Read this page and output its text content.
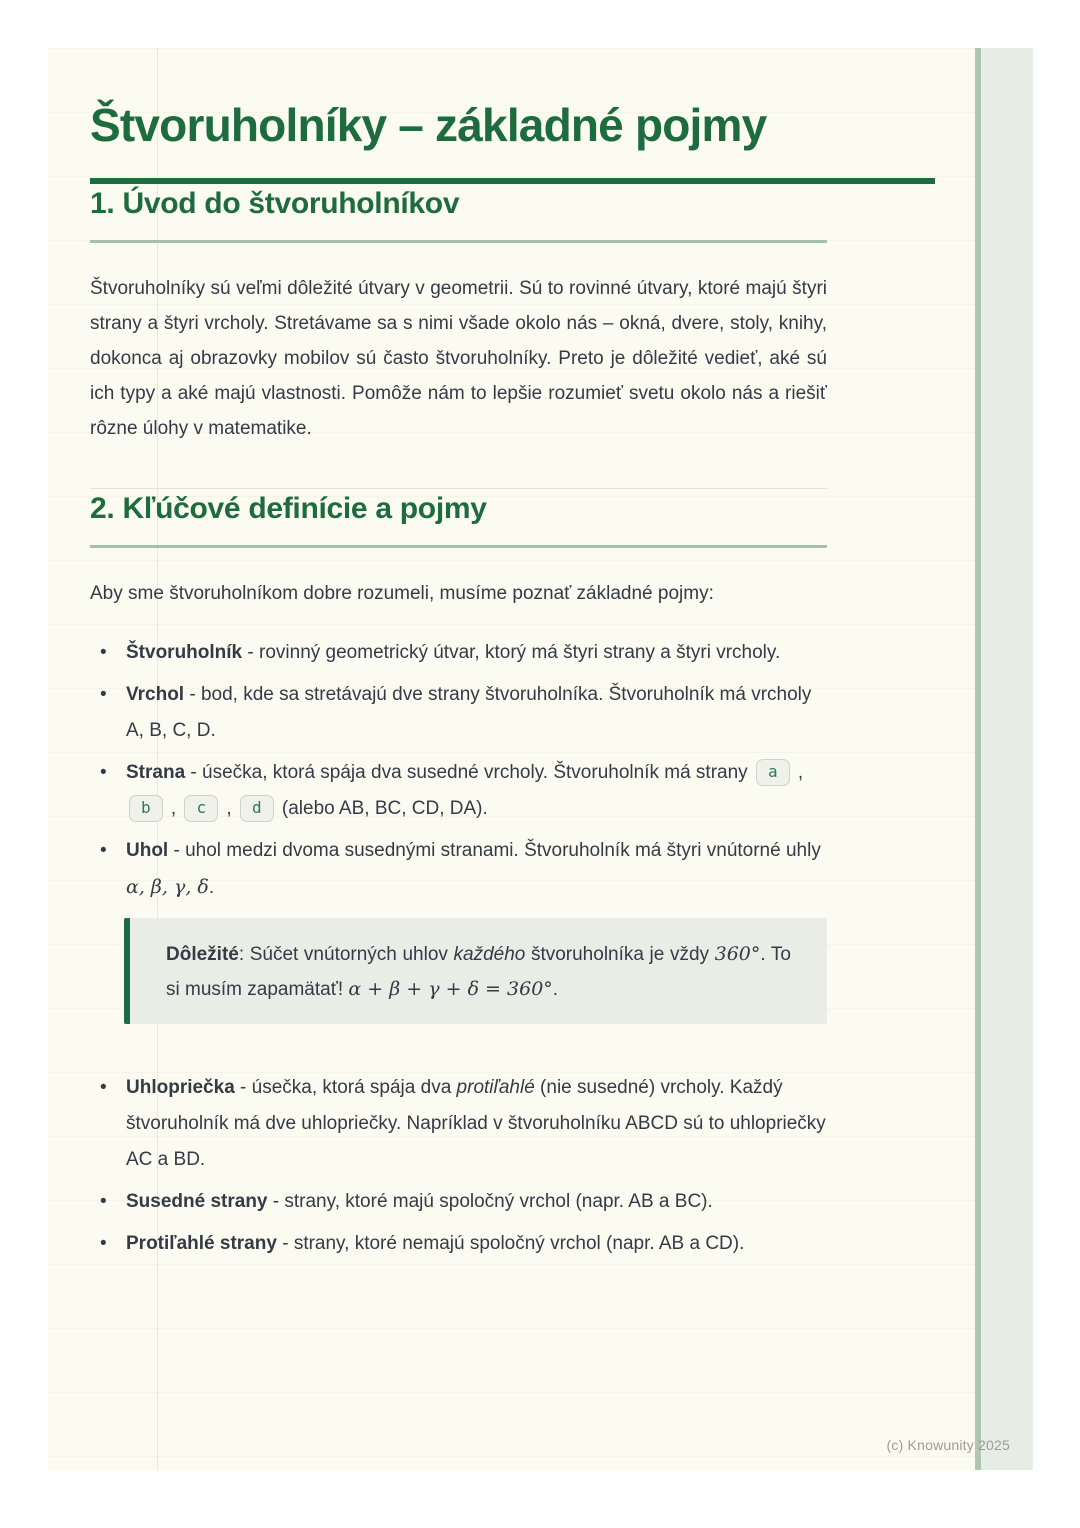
Štvoruholníky – základné pojmy
1. Úvod do štvoruholníkov

Štvoruholníky sú veľmi dôležité útvary v geometrii. Sú to rovinné útvary, ktoré majú štyri strany a štyri vrcholy. Stretávame sa s nimi všade okolo nás – okná, dvere, stoly, knihy, dokonca aj obrazovky mobilov sú často štvoruholníky. Preto je dôležité vedieť, aké sú ich typy a aké majú vlastnosti. Pomôže nám to lepšie rozumieť svetu okolo nás a riešiť rôzne úlohy v matematike.

2. Kľúčové definície a pojmy

Aby sme štvoruholníkom dobre rozumeli, musíme poznať základné pojmy:

• Štvoruholník - rovinný geometrický útvar, ktorý má štyri strany a štyri vrcholy.
• Vrchol - bod, kde sa stretávajú dve strany štvoruholníka. Štvoruholník má vrcholy A, B, C, D.
• Strana - úsečka, ktorá spája dva susedné vrcholy. Štvoruholník má strany a , b , c , d (alebo AB, BC, CD, DA).
• Uhol - uhol medzi dvoma susednými stranami. Štvoruholník má štyri vnútorné uhly α, β, γ, δ.

Dôležité: Súčet vnútorných uhlov každého štvoruholníka je vždy 360°. To si musím zapamätať! α + β + γ + δ = 360°.

• Uhlopriečka - úsečka, ktorá spája dva protiľahlé (nie susedné) vrcholy. Každý štvoruholník má dve uhlopriečky. Napríklad v štvoruholníku ABCD sú to uhlopriečky AC a BD.
• Susedné strany - strany, ktoré majú spoločný vrchol (napr. AB a BC).
• Protiľahlé strany - strany, ktoré nemajú spoločný vrchol (napr. AB a CD).
(c) Knowunity 2025
